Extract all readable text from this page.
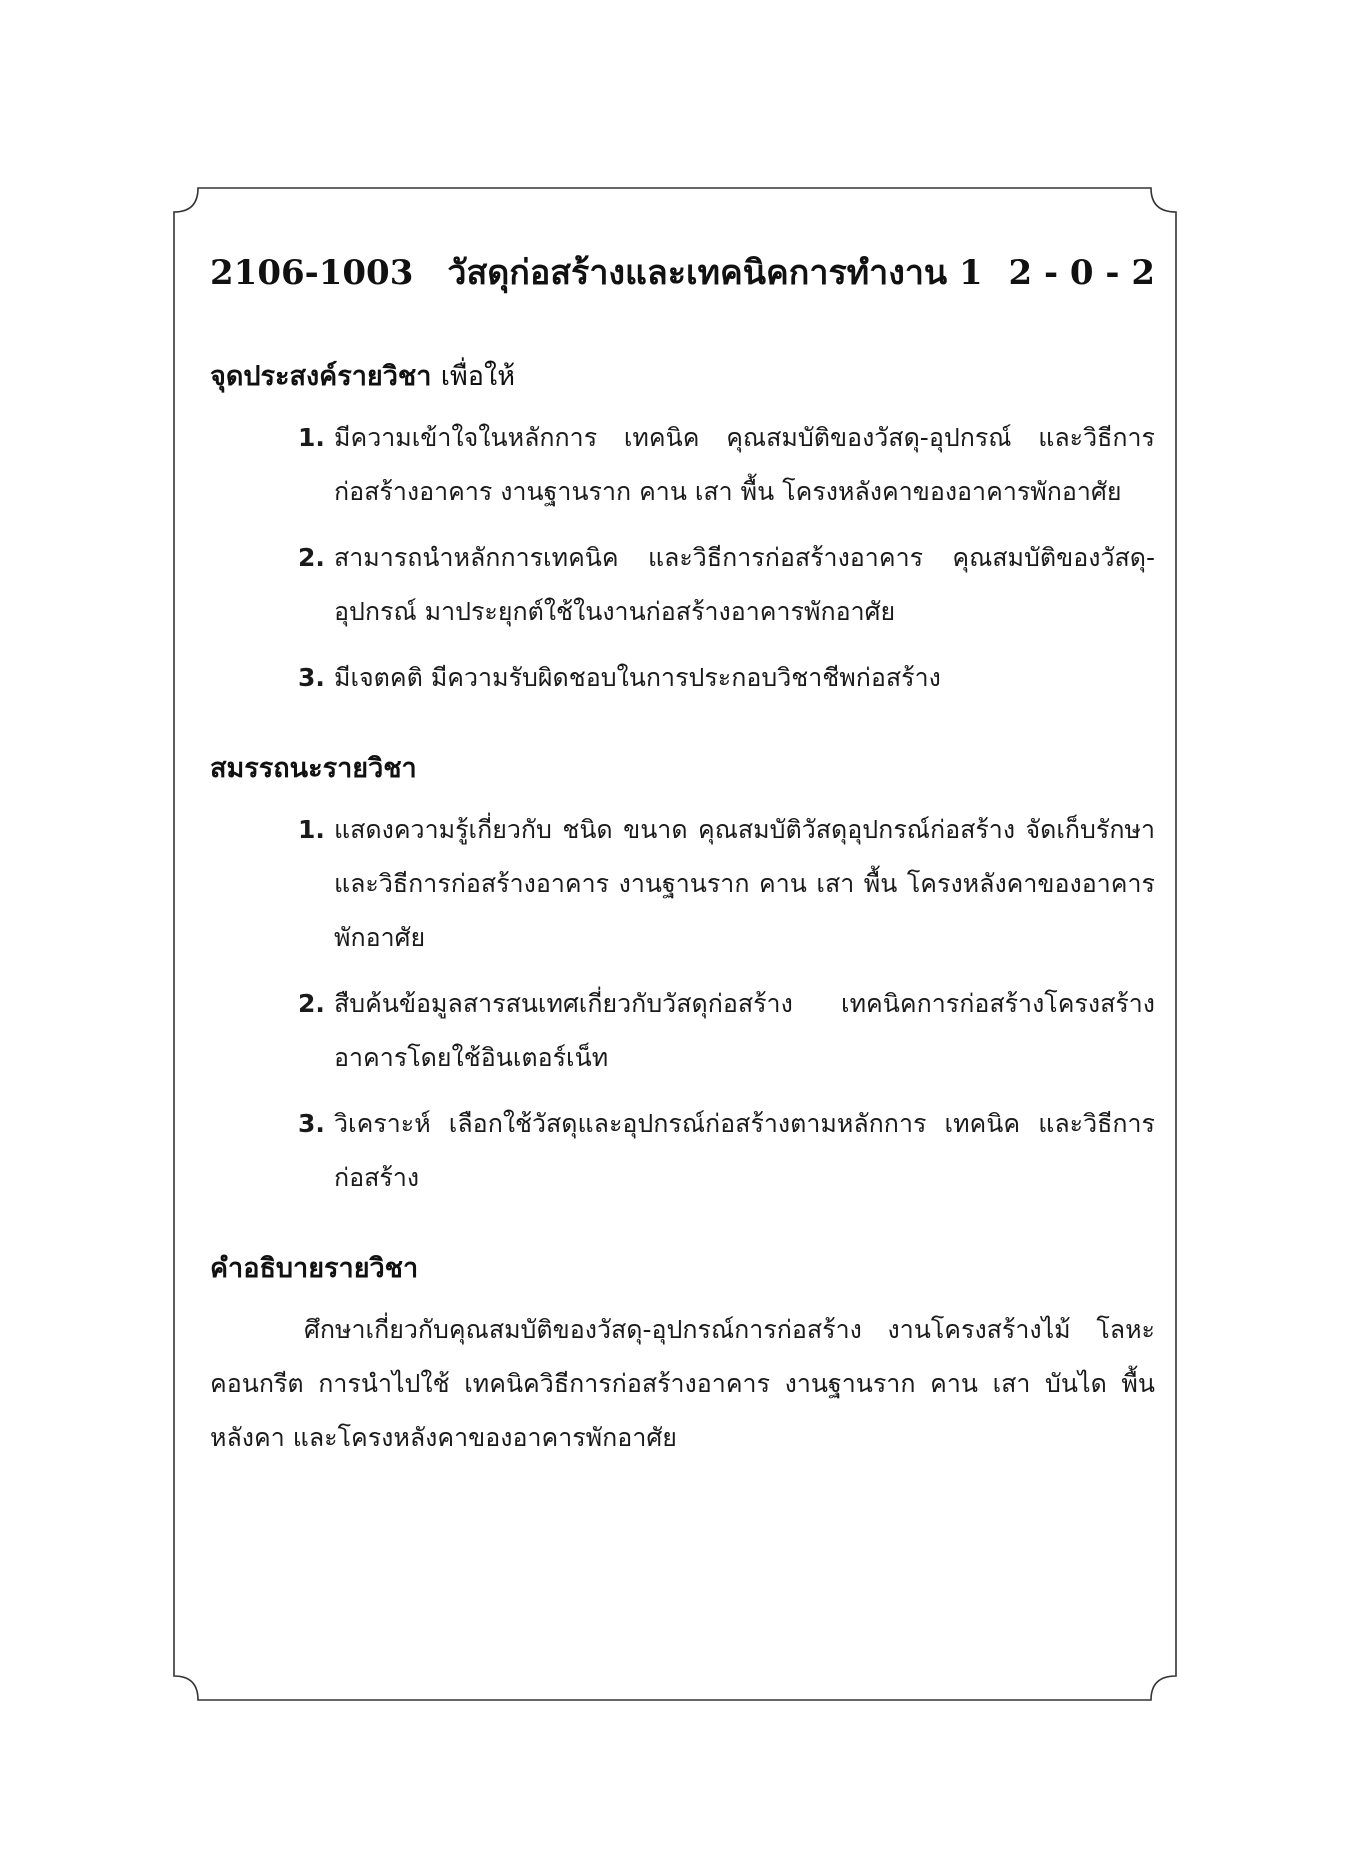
2106-1003 วัสดุก่อสร้างและเทคนิคการทำงาน 1 2 - 0 - 2
จุดประสงค์รายวิชา เพื่อให้
1. มีความเข้าใจในหลักการ เทคนิค คุณสมบัติของวัสดุ-อุปกรณ์ และวิธีการก่อสร้างอาคาร งานฐานราก คาน เสา พื้น โครงหลังคาของอาคารพักอาศัย
2. สามารถนำหลักการเทคนิค และวิธีการก่อสร้างอาคาร คุณสมบัติของวัสดุ-อุปกรณ์ มาประยุกต์ใช้ในงานก่อสร้างอาคารพักอาศัย
3. มีเจตคติ มีความรับผิดชอบในการประกอบวิชาชีพก่อสร้าง
สมรรถนะรายวิชา
1. แสดงความรู้เกี่ยวกับ ชนิด ขนาด คุณสมบัติวัสดุอุปกรณ์ก่อสร้าง จัดเก็บรักษา และวิธีการก่อสร้างอาคาร งานฐานราก คาน เสา พื้น โครงหลังคาของอาคารพักอาศัย
2. สืบค้นข้อมูลสารสนเทศเกี่ยวกับวัสดุก่อสร้าง เทคนิคการก่อสร้างโครงสร้างอาคารโดยใช้อินเตอร์เน็ท
3. วิเคราะห์ เลือกใช้วัสดุและอุปกรณ์ก่อสร้างตามหลักการ เทคนิค และวิธีการก่อสร้าง
คำอธิบายรายวิชา

ศึกษาเกี่ยวกับคุณสมบัติของวัสดุ-อุปกรณ์การก่อสร้าง งานโครงสร้างไม้ โลหะ คอนกรีต การนำไปใช้ เทคนิควิธีการก่อสร้างอาคาร งานฐานราก คาน เสา บันได พื้น หลังคา และโครงหลังคาของอาคารพักอาศัย
